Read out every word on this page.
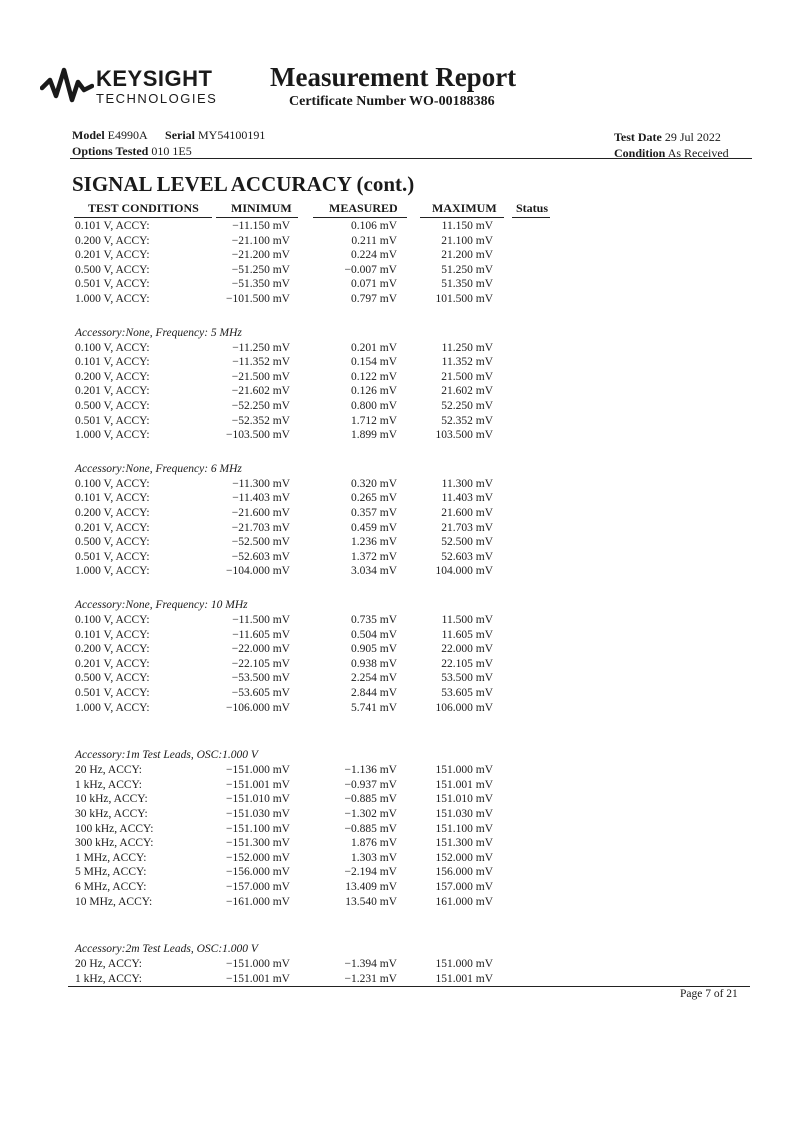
KEYSIGHT
TECHNOLOGIES
Measurement Report
Certificate Number WO-00188386
Model E4990A Serial MY54100191
Options Tested 010 1E5
Test Date 29 Jul 2022
Condition As Received
SIGNAL LEVEL ACCURACY (cont.)
TEST CONDITIONS	MINIMUM	MEASURED	MAXIMUM Status
0.101 V, ACCY:	−11.150 mV	0.106 mV	11.150 mV
0.200 V, ACCY:	−21.100 mV	0.211 mV	21.100 mV
0.201 V, ACCY:	−21.200 mV	0.224 mV	21.200 mV
0.500 V, ACCY:	−51.250 mV	−0.007 mV	51.250 mV
0.501 V, ACCY:	−51.350 mV	0.071 mV	51.350 mV
1.000 V, ACCY:	−101.500 mV	0.797 mV	101.500 mV
Accessory:None, Frequency: 5 MHz
0.100 V, ACCY:	−11.250 mV	0.201 mV	11.250 mV
0.101 V, ACCY:	−11.352 mV	0.154 mV	11.352 mV
0.200 V, ACCY:	−21.500 mV	0.122 mV	21.500 mV
0.201 V, ACCY:	−21.602 mV	0.126 mV	21.602 mV
0.500 V, ACCY:	−52.250 mV	0.800 mV	52.250 mV
0.501 V, ACCY:	−52.352 mV	1.712 mV	52.352 mV
1.000 V, ACCY:	−103.500 mV	1.899 mV	103.500 mV
Accessory:None, Frequency: 6 MHz
0.100 V, ACCY:	−11.300 mV	0.320 mV	11.300 mV
0.101 V, ACCY:	−11.403 mV	0.265 mV	11.403 mV
0.200 V, ACCY:	−21.600 mV	0.357 mV	21.600 mV
0.201 V, ACCY:	−21.703 mV	0.459 mV	21.703 mV
0.500 V, ACCY:	−52.500 mV	1.236 mV	52.500 mV
0.501 V, ACCY:	−52.603 mV	1.372 mV	52.603 mV
1.000 V, ACCY:	−104.000 mV	3.034 mV	104.000 mV
Accessory:None, Frequency: 10 MHz
0.100 V, ACCY:	−11.500 mV	0.735 mV	11.500 mV
0.101 V, ACCY:	−11.605 mV	0.504 mV	11.605 mV
0.200 V, ACCY:	−22.000 mV	0.905 mV	22.000 mV
0.201 V, ACCY:	−22.105 mV	0.938 mV	22.105 mV
0.500 V, ACCY:	−53.500 mV	2.254 mV	53.500 mV
0.501 V, ACCY:	−53.605 mV	2.844 mV	53.605 mV
1.000 V, ACCY:	−106.000 mV	5.741 mV	106.000 mV
Accessory:1m Test Leads, OSC:1.000 V
20 Hz, ACCY:	−151.000 mV	−1.136 mV	151.000 mV
1 kHz, ACCY:	−151.001 mV	−0.937 mV	151.001 mV
10 kHz, ACCY:	−151.010 mV	−0.885 mV	151.010 mV
30 kHz, ACCY:	−151.030 mV	−1.302 mV	151.030 mV
100 kHz, ACCY:	−151.100 mV	−0.885 mV	151.100 mV
300 kHz, ACCY:	−151.300 mV	1.876 mV	151.300 mV
1 MHz, ACCY:	−152.000 mV	1.303 mV	152.000 mV
5 MHz, ACCY:	−156.000 mV	−2.194 mV	156.000 mV
6 MHz, ACCY:	−157.000 mV	13.409 mV	157.000 mV
10 MHz, ACCY:	−161.000 mV	13.540 mV	161.000 mV
Accessory:2m Test Leads, OSC:1.000 V
20 Hz, ACCY:	−151.000 mV	−1.394 mV	151.000 mV
1 kHz, ACCY:	−151.001 mV	−1.231 mV	151.001 mV
Page 7 of 21
